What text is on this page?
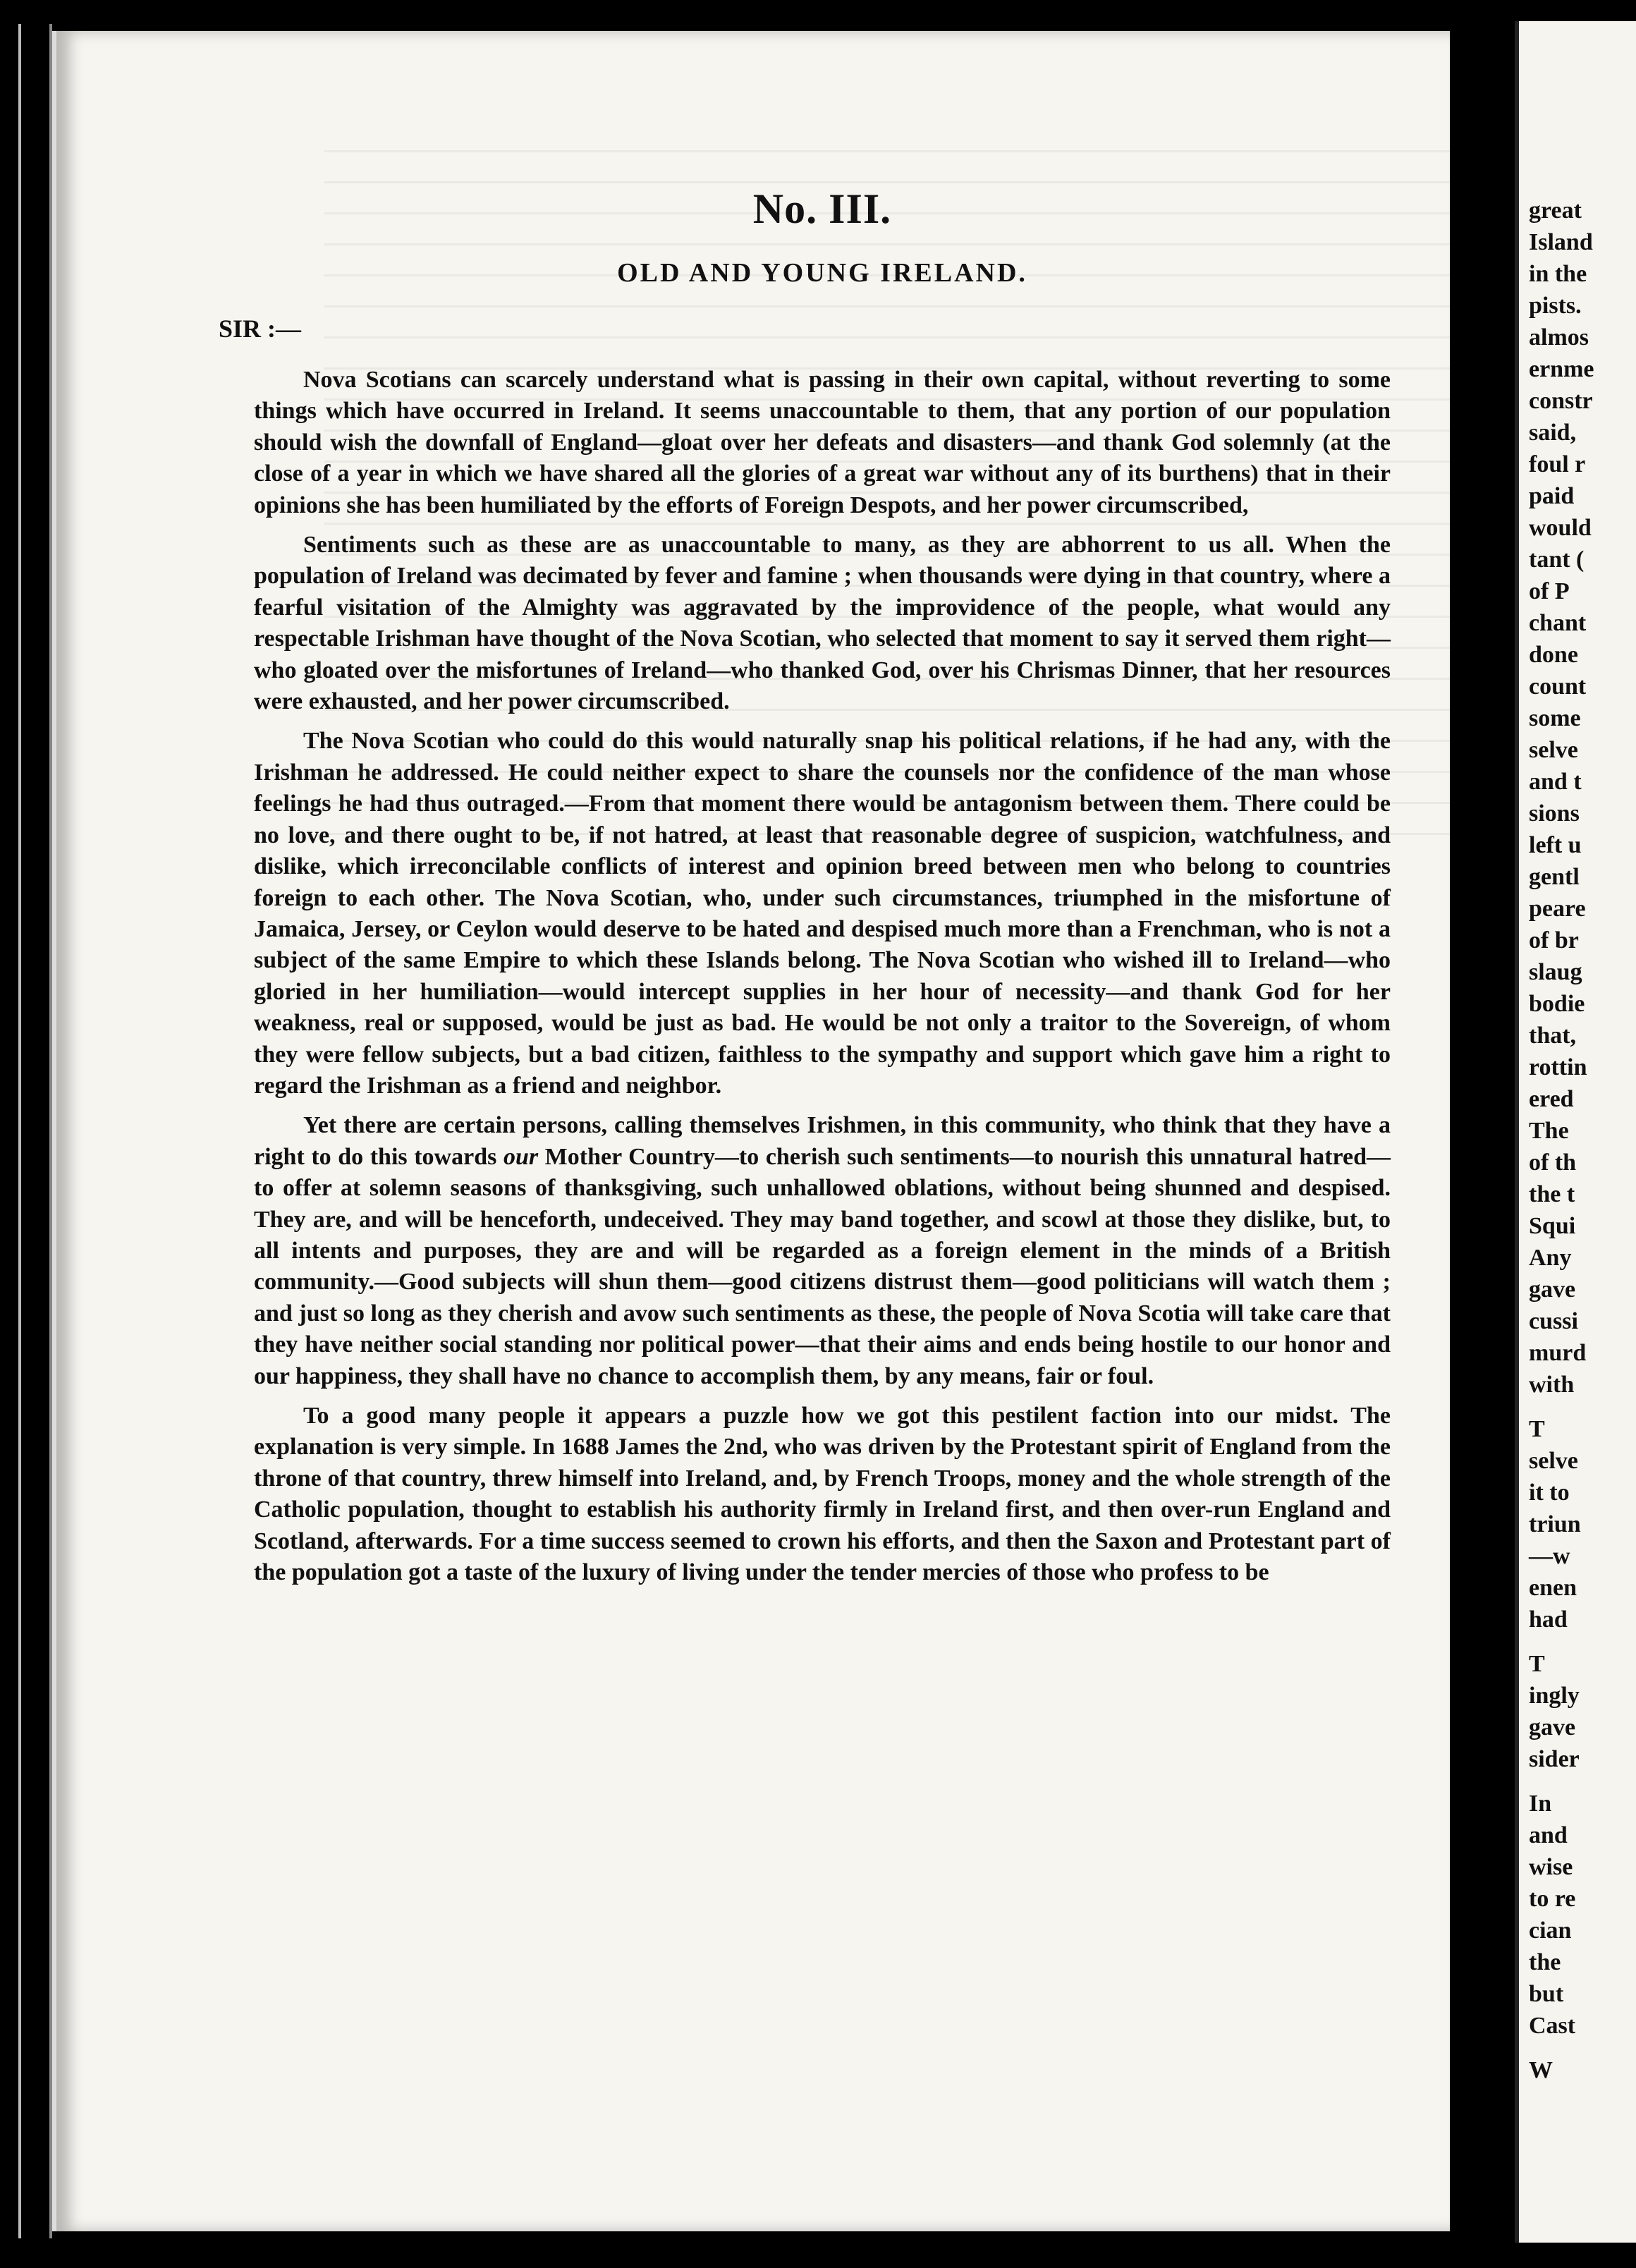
No. III.
OLD AND YOUNG IRELAND.
SIR :—

Nova Scotians can scarcely understand what is passing in their own capital, without reverting to some things which have occurred in Ireland. It seems unaccountable to them, that any portion of our population should wish the downfall of England—gloat over her defeats and disasters—and thank God solemnly (at the close of a year in which we have shared all the glories of a great war without any of its burthens) that in their opinions she has been humiliated by the efforts of Foreign Despots, and her power circumscribed,

Sentiments such as these are as unaccountable to many, as they are abhorrent to us all. When the population of Ireland was decimated by fever and famine ; when thousands were dying in that country, where a fearful visitation of the Almighty was aggravated by the improvidence of the people, what would any respectable Irishman have thought of the Nova Scotian, who selected that moment to say it served them right—who gloated over the misfortunes of Ireland—who thanked God, over his Chrismas Dinner, that her resources were exhausted, and her power circumscribed.

The Nova Scotian who could do this would naturally snap his political relations, if he had any, with the Irishman he addressed. He could neither expect to share the counsels nor the confidence of the man whose feelings he had thus outraged.—From that moment there would be antagonism between them. There could be no love, and there ought to be, if not hatred, at least that reasonable degree of suspicion, watchfulness, and dislike, which irreconcilable conflicts of interest and opinion breed between men who belong to countries foreign to each other. The Nova Scotian, who, under such circumstances, triumphed in the misfortune of Jamaica, Jersey, or Ceylon would deserve to be hated and despised much more than a Frenchman, who is not a subject of the same Empire to which these Islands belong. The Nova Scotian who wished ill to Ireland—who gloried in her humiliation—would intercept supplies in her hour of necessity—and thank God for her weakness, real or supposed, would be just as bad. He would be not only a traitor to the Sovereign, of whom they were fellow subjects, but a bad citizen, faithless to the sympathy and support which gave him a right to regard the Irishman as a friend and neighbor.

Yet there are certain persons, calling themselves Irishmen, in this community, who think that they have a right to do this towards our Mother Country—to cherish such sentiments—to nourish this unnatural hatred—to offer at solemn seasons of thanksgiving, such unhallowed oblations, without being shunned and despised. They are, and will be henceforth, undeceived. They may band together, and scowl at those they dislike, but, to all intents and purposes, they are and will be regarded as a foreign element in the minds of a British community.—Good subjects will shun them—good citizens distrust them—good politicians will watch them ; and just so long as they cherish and avow such sentiments as these, the people of Nova Scotia will take care that they have neither social standing nor political power—that their aims and ends being hostile to our honor and our happiness, they shall have no chance to accomplish them, by any means, fair or foul.

To a good many people it appears a puzzle how we got this pestilent faction into our midst. The explanation is very simple. In 1688 James the 2nd, who was driven by the Protestant spirit of England from the throne of that country, threw himself into Ireland, and, by French Troops, money and the whole strength of the Catholic population, thought to establish his authority firmly in Ireland first, and then over-run England and Scotland, afterwards. For a time success seemed to crown his efforts, and then the Saxon and Protestant part of the population got a taste of the luxury of living under the tender mercies of those who profess to be

great
Island
in the
pists.
almos
ernme
constr
said,
foul r
paid
would
tant (
of P
chant
done
count
some
selve
and t
sions
left u
gentl
peare
of br
slaug
bodie
that,
rottin
ered
The
of th
the t
Squi
Any
gave
cussi
murd
with
T
selve
it to
triun
—w
enen
had
T
ingly
gave
sider
In
and
wise
to re
cian
the
but
Cast
W
